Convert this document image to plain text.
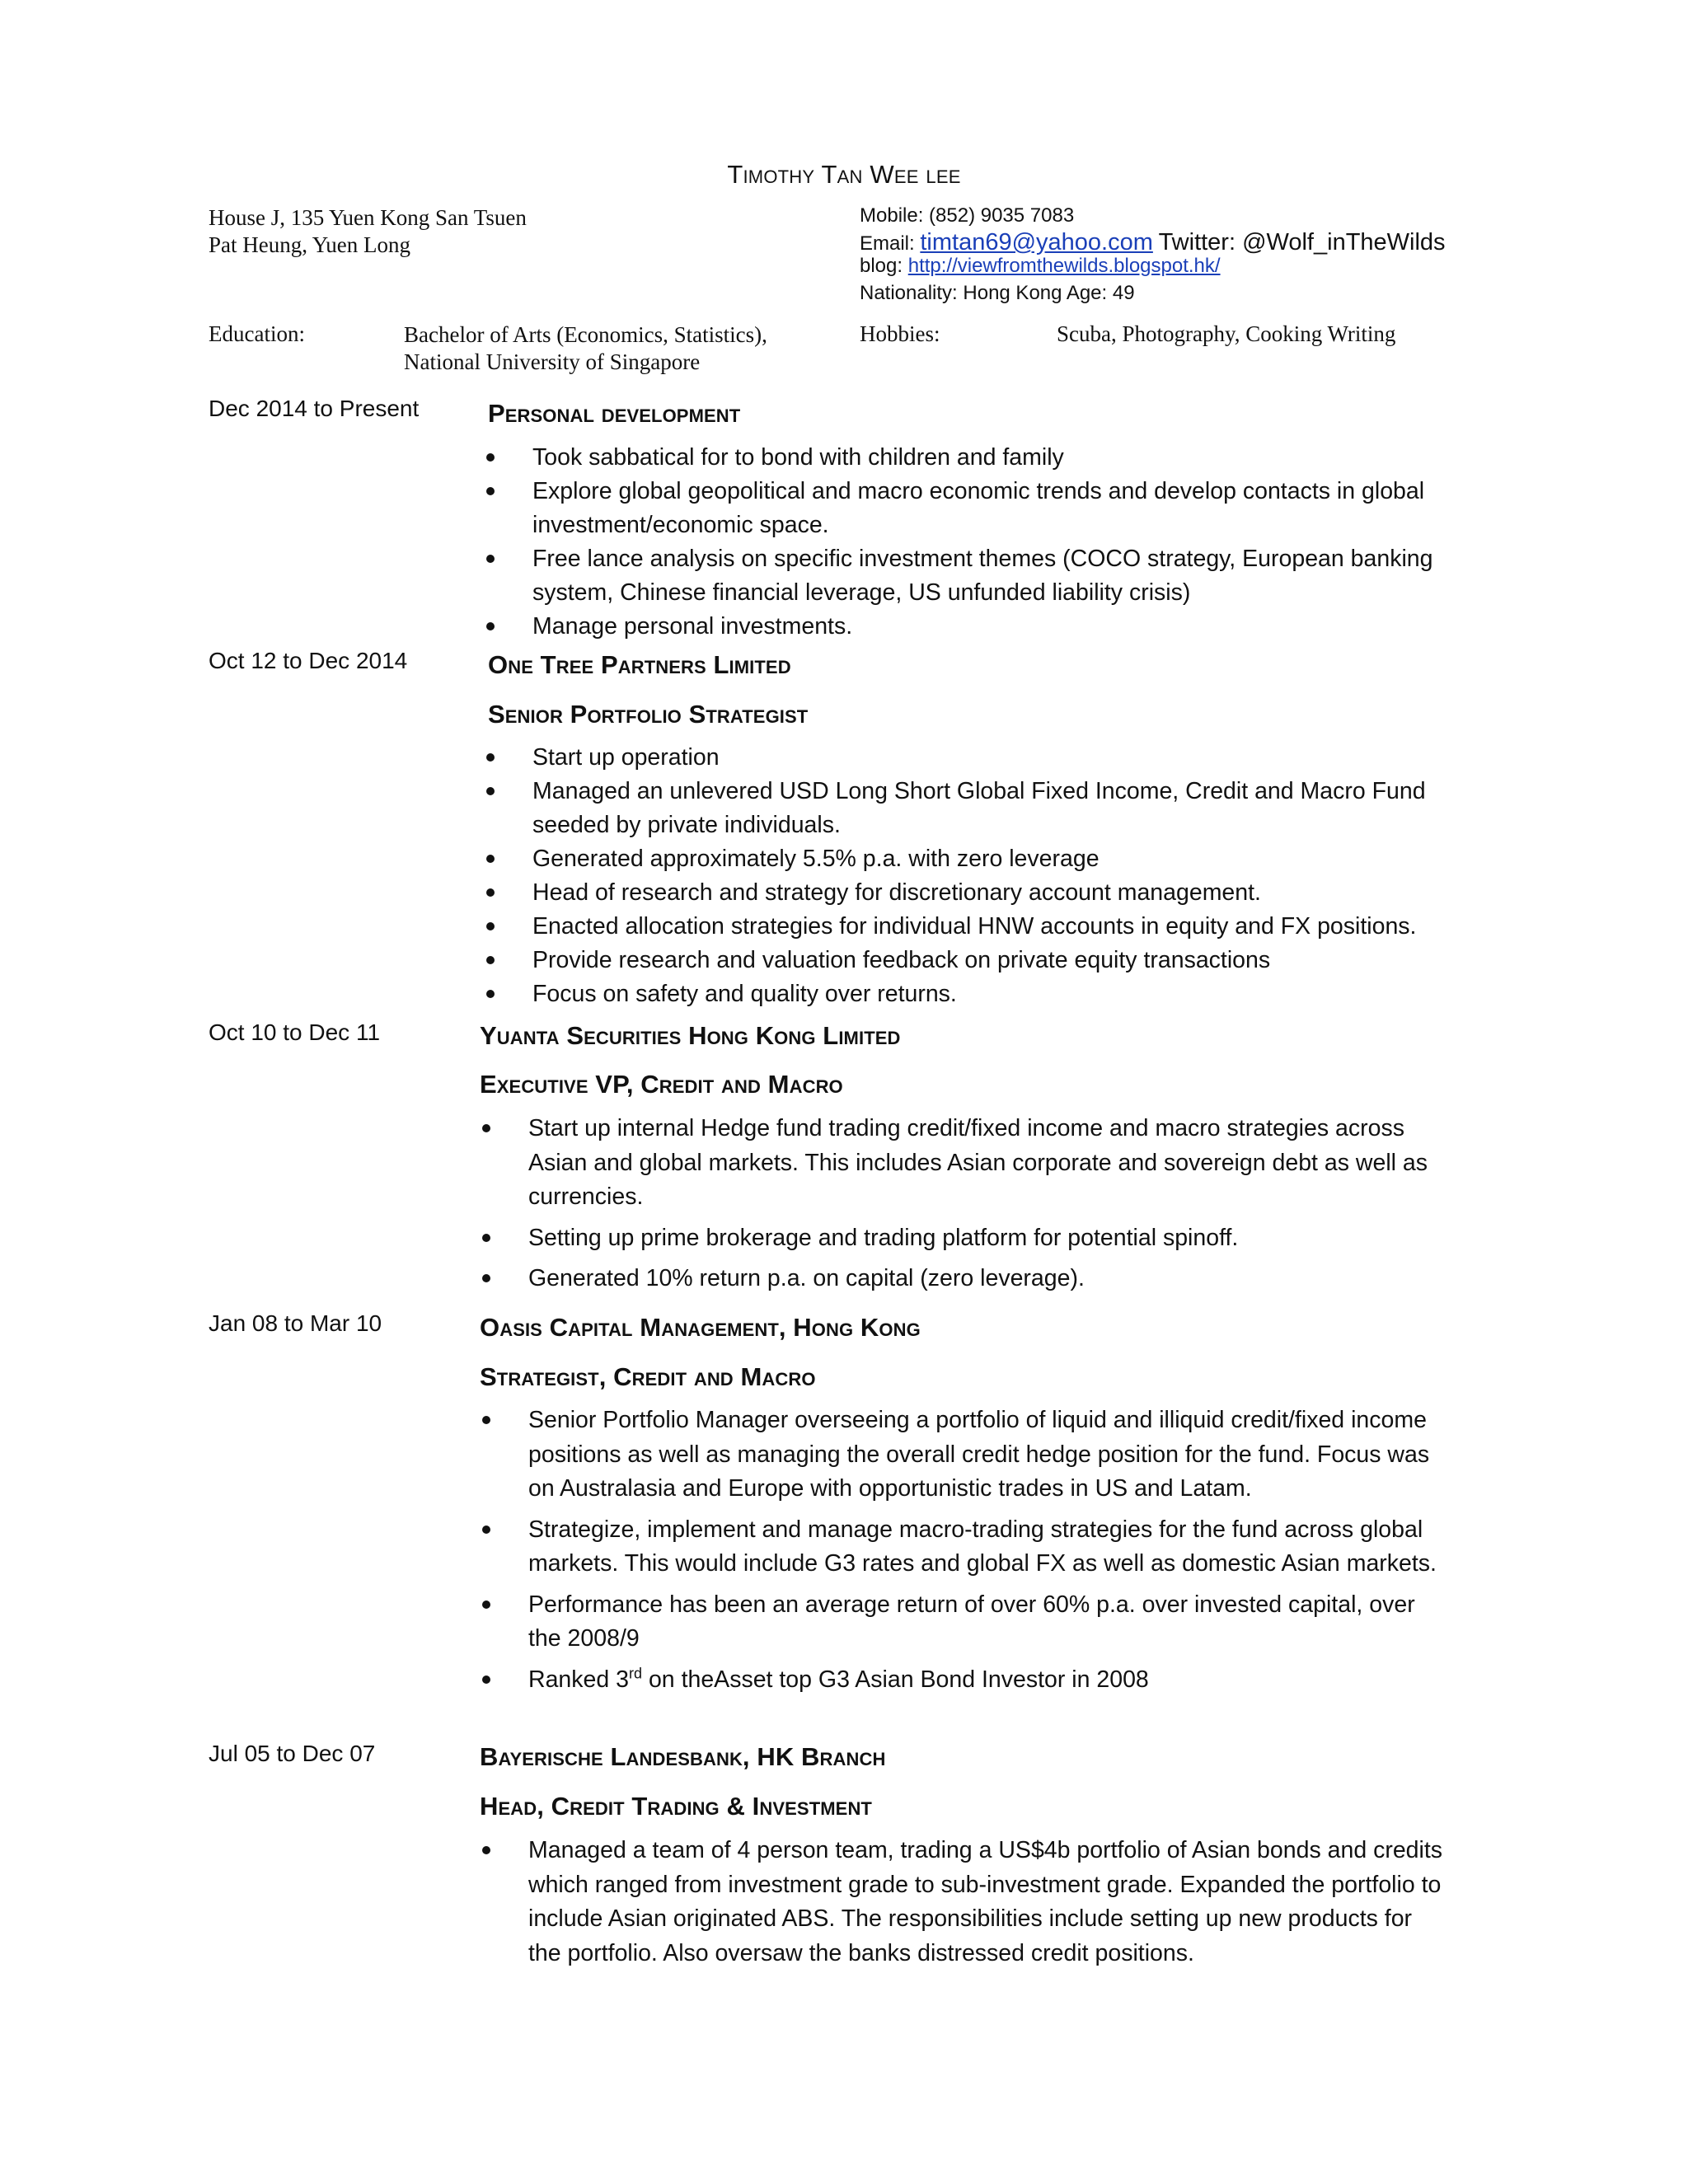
Timothy Tan Wee lee
House J, 135 Yuen Kong San Tsuen
Pat Heung, Yuen Long
Mobile: (852) 9035 7083
Email: timtan69@yahoo.com Twitter: @Wolf_inTheWilds
blog: http://viewfromthewilds.blogspot.hk/
Nationality: Hong Kong Age: 49
Education:	Bachelor of Arts (Economics, Statistics),
National University of Singapore
Hobbies:	Scuba, Photography, Cooking Writing
Dec 2014 to Present	Personal development
Took sabbatical for to bond with children and family
Explore global geopolitical and macro economic trends and develop contacts in global investment/economic space.
Free lance analysis on specific investment themes (COCO strategy, European banking system, Chinese financial leverage, US unfunded liability crisis)
Manage personal investments.
Oct 12 to Dec 2014	One Tree Partners Limited
Senior Portfolio Strategist
Start up operation
Managed an unlevered USD Long Short Global Fixed Income, Credit and Macro Fund seeded by private individuals.
Generated approximately 5.5% p.a. with zero leverage
Head of research and strategy for discretionary account management.
Enacted allocation strategies for individual HNW accounts in equity and FX positions.
Provide research and valuation feedback on private equity transactions
Focus on safety and quality over returns.
Oct 10 to Dec 11	Yuanta Securities Hong Kong Limited
Executive VP, Credit and Macro
Start up internal Hedge fund trading credit/fixed income and macro strategies across Asian and global markets. This includes Asian corporate and sovereign debt as well as currencies.
Setting up prime brokerage and trading platform for potential spinoff.
Generated 10% return p.a. on capital (zero leverage).
Jan 08 to Mar 10	Oasis Capital Management, Hong Kong
Strategist, Credit and Macro
Senior Portfolio Manager overseeing a portfolio of liquid and illiquid credit/fixed income positions as well as managing the overall credit hedge position for the fund. Focus was on Australasia and Europe with opportunistic trades in US and Latam.
Strategize, implement and manage macro-trading strategies for the fund across global markets. This would include G3 rates and global FX as well as domestic Asian markets.
Performance has been an average return of over 60% p.a. over invested capital, over the 2008/9
Ranked 3rd on theAsset top G3 Asian Bond Investor in 2008
Jul 05 to Dec 07	Bayerische Landesbank, HK Branch
Head, Credit Trading & Investment
Managed a team of 4 person team, trading a US$4b portfolio of Asian bonds and credits which ranged from investment grade to sub-investment grade. Expanded the portfolio to include Asian originated ABS. The responsibilities include setting up new products for the portfolio. Also oversaw the banks distressed credit positions.
